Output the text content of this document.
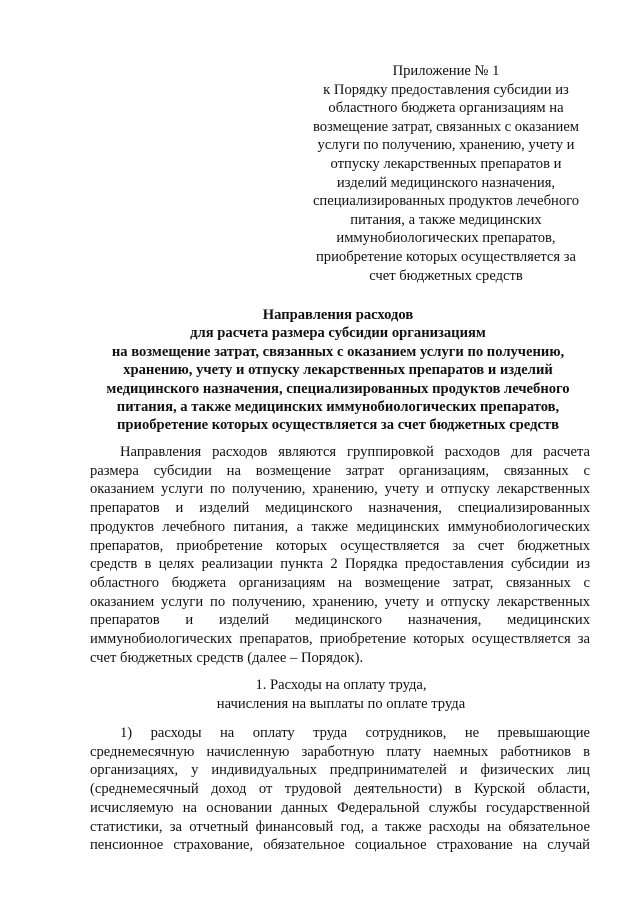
Приложение № 1
к Порядку предоставления субсидии из
областного бюджета организациям на
возмещение затрат, связанных с оказанием
услуги по получению, хранению, учету и
отпуску лекарственных препаратов и
изделий медицинского назначения,
специализированных продуктов лечебного
питания, а также медицинских
иммунобиологических препаратов,
приобретение которых осуществляется за
счет бюджетных средств
Направления расходов
для расчета размера субсидии организациям
на возмещение затрат, связанных с оказанием услуги по получению,
хранению, учету и отпуску лекарственных препаратов и изделий
медицинского назначения, специализированных продуктов лечебного
питания, а также медицинских иммунобиологических препаратов,
приобретение которых осуществляется за счет бюджетных средств
Направления расходов являются группировкой расходов для расчета
размера субсидии на возмещение затрат организациям, связанных с
оказанием услуги по получению, хранению, учету и отпуску лекарственных
препаратов и изделий медицинского назначения, специализированных
продуктов лечебного питания, а также медицинских иммунобиологических
препаратов, приобретение которых осуществляется за счет бюджетных
средств в целях реализации пункта 2 Порядка предоставления субсидии из
областного бюджета организациям на возмещение затрат, связанных с
оказанием услуги по получению, хранению, учету и отпуску лекарственных
препаратов и изделий медицинского назначения, медицинских
иммунобиологических препаратов, приобретение которых осуществляется за
счет бюджетных средств (далее – Порядок).
1. Расходы на оплату труда,
начисления на выплаты по оплате труда
1) расходы на оплату труда сотрудников, не превышающие
среднемесячную начисленную заработную плату наемных работников в
организациях, у индивидуальных предпринимателей и физических лиц
(среднемесячный доход от трудовой деятельности) в Курской области,
исчисляемую на основании данных Федеральной службы государственной
статистики, за отчетный финансовый год, а также расходы на обязательное
пенсионное страхование, обязательное социальное страхование на случай
